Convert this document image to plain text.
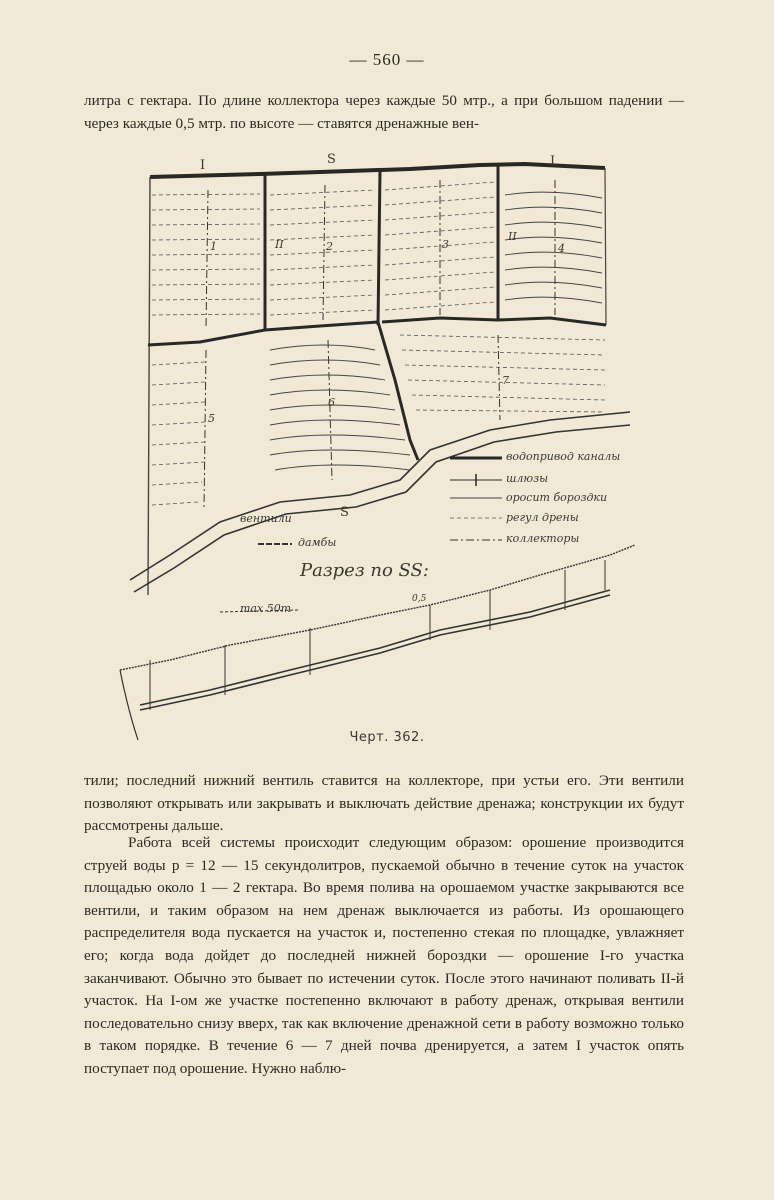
— 560 —

литра с гектара. По длине коллектора через каждые 50 мтр., а при большом падении — через каждые 0,5 мтр. по высоте — ставятся дренажные вен-

I	S	I
S
II
II
1	2	3	4
5
6
7
водопривод каналы
шлюзы
оросит бороздки
регул дрены
коллекторы
вентили
дамбы
Разрез по SS:
max 50m
0,5
Черт. 362.

тили; последний нижний вентиль ставится на коллекторе, при устьи его. Эти вентили позволяют открывать или закрывать и выключать действие дренажа; конструкции их будут рассмотрены дальше.

Работа всей системы происходит следующим образом: орошение производится струей воды p = 12 — 15 секундолитров, пускаемой обычно в течение суток на участок площадью около 1 — 2 гектара. Во время полива на орошаемом участке закрываются все вентили, и таким образом на нем дренаж выключается из работы. Из орошающего распределителя вода пускается на участок и, постепенно стекая по площадке, увлажняет его; когда вода дойдет до последней нижней бороздки — орошение I-го участка заканчивают. Обычно это бывает по истечении суток. После этого начинают поливать II-й участок. На I-ом же участке постепенно включают в работу дренаж, открывая вентили последовательно снизу вверх, так как включение дренажной сети в работу возможно только в таком порядке. В течение 6 — 7 дней почва дренируется, а затем I участок опять поступает под орошение. Нужно наблю-
